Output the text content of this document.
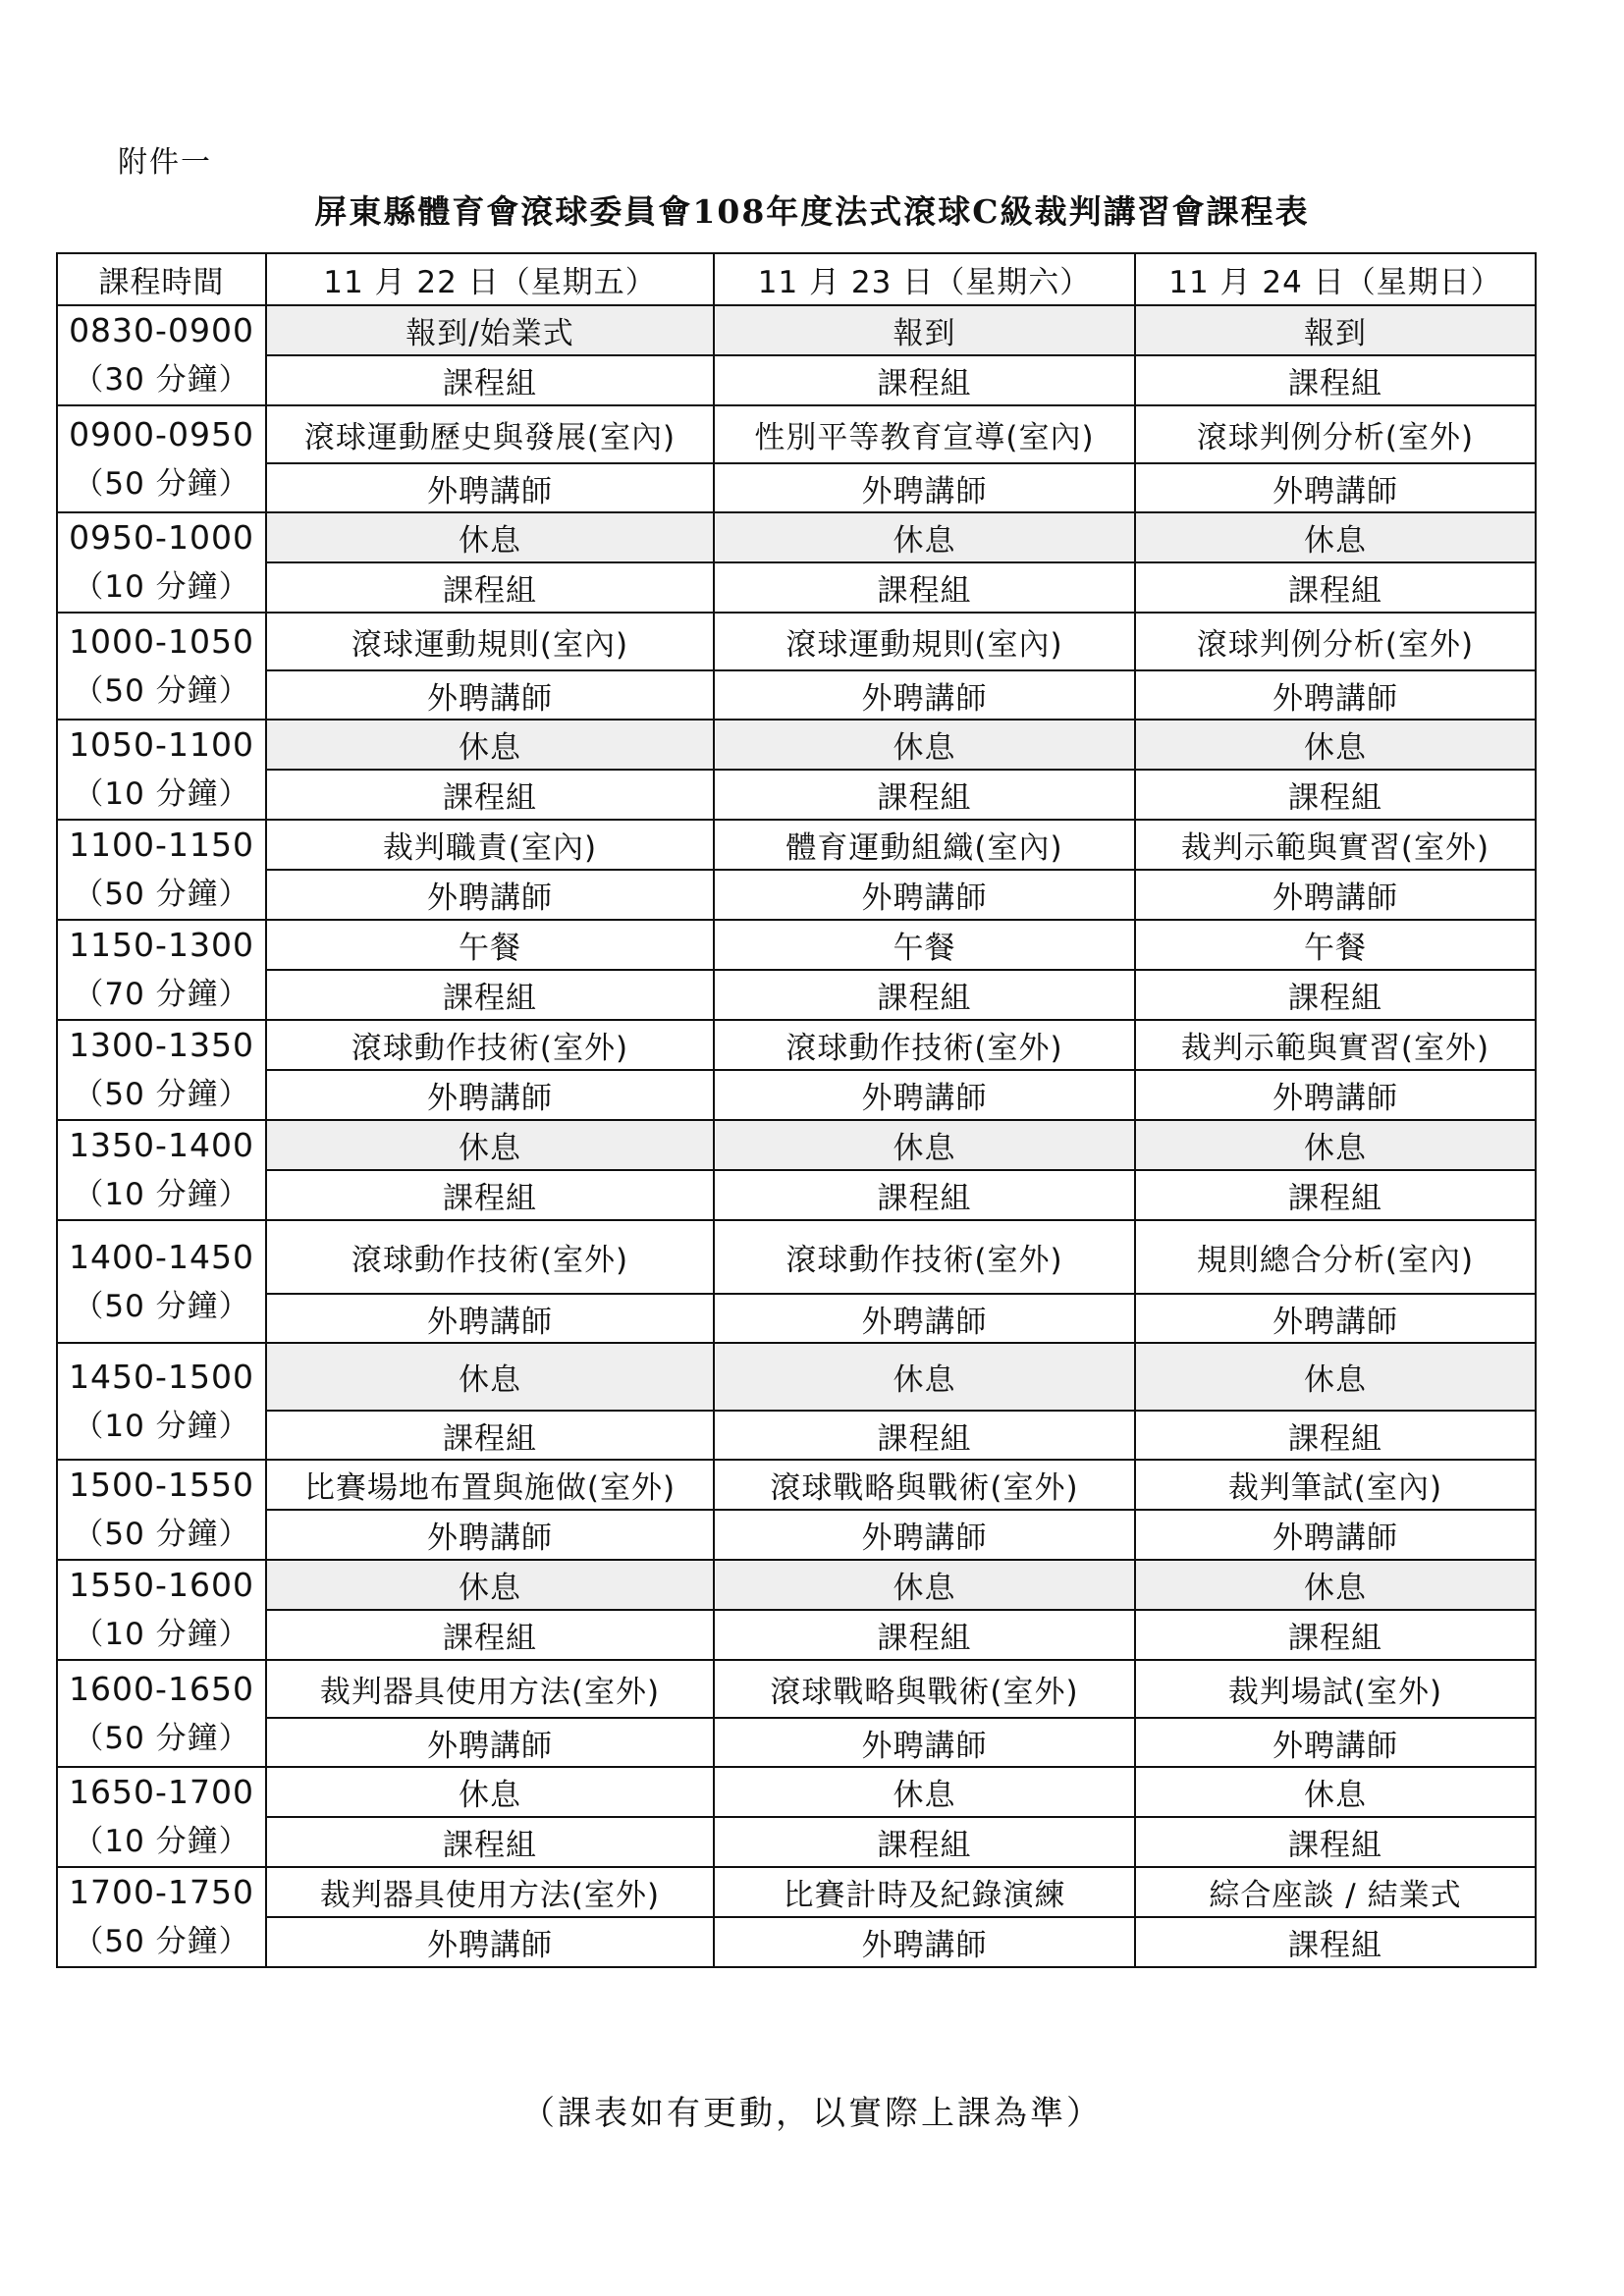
附件一
屏東縣體育會滾球委員會108年度法式滾球C級裁判講習會課程表
課程時間	11 月 22 日（星期五）	11 月 23 日（星期六）	11 月 24 日（星期日）

0830-0900
（30 分鐘）	報到/始業式	報到	報到
	課程組	課程組	課程組

0900-0950
（50 分鐘）	滾球運動歷史與發展(室內)	性別平等教育宣導(室內)	滾球判例分析(室外)
	外聘講師	外聘講師	外聘講師

0950-1000
（10 分鐘）	休息	休息	休息
	課程組	課程組	課程組

1000-1050
（50 分鐘）	滾球運動規則(室內)	滾球運動規則(室內)	滾球判例分析(室外)
	外聘講師	外聘講師	外聘講師

1050-1100
（10 分鐘）	休息	休息	休息
	課程組	課程組	課程組

1100-1150
（50 分鐘）	裁判職責(室內)	體育運動組織(室內)	裁判示範與實習(室外)
	外聘講師	外聘講師	外聘講師

1150-1300
（70 分鐘）	午餐	午餐	午餐
	課程組	課程組	課程組

1300-1350
（50 分鐘）	滾球動作技術(室外)	滾球動作技術(室外)	裁判示範與實習(室外)
	外聘講師	外聘講師	外聘講師

1350-1400
（10 分鐘）	休息	休息	休息
	課程組	課程組	課程組

1400-1450
（50 分鐘）	滾球動作技術(室外)	滾球動作技術(室外)	規則總合分析(室內)
	外聘講師	外聘講師	外聘講師

1450-1500
（10 分鐘）	休息	休息	休息
	課程組	課程組	課程組

1500-1550
（50 分鐘）	比賽場地布置與施做(室外)	滾球戰略與戰術(室外)	裁判筆試(室內)
	外聘講師	外聘講師	外聘講師

1550-1600
（10 分鐘）	休息	休息	休息
	課程組	課程組	課程組

1600-1650
（50 分鐘）	裁判器具使用方法(室外)	滾球戰略與戰術(室外)	裁判場試(室外)
	外聘講師	外聘講師	外聘講師

1650-1700
（10 分鐘）	休息	休息	休息
	課程組	課程組	課程組

1700-1750
（50 分鐘）	裁判器具使用方法(室外)	比賽計時及紀錄演練	綜合座談 / 結業式
	外聘講師	外聘講師	課程組
（課表如有更動，以實際上課為準）
